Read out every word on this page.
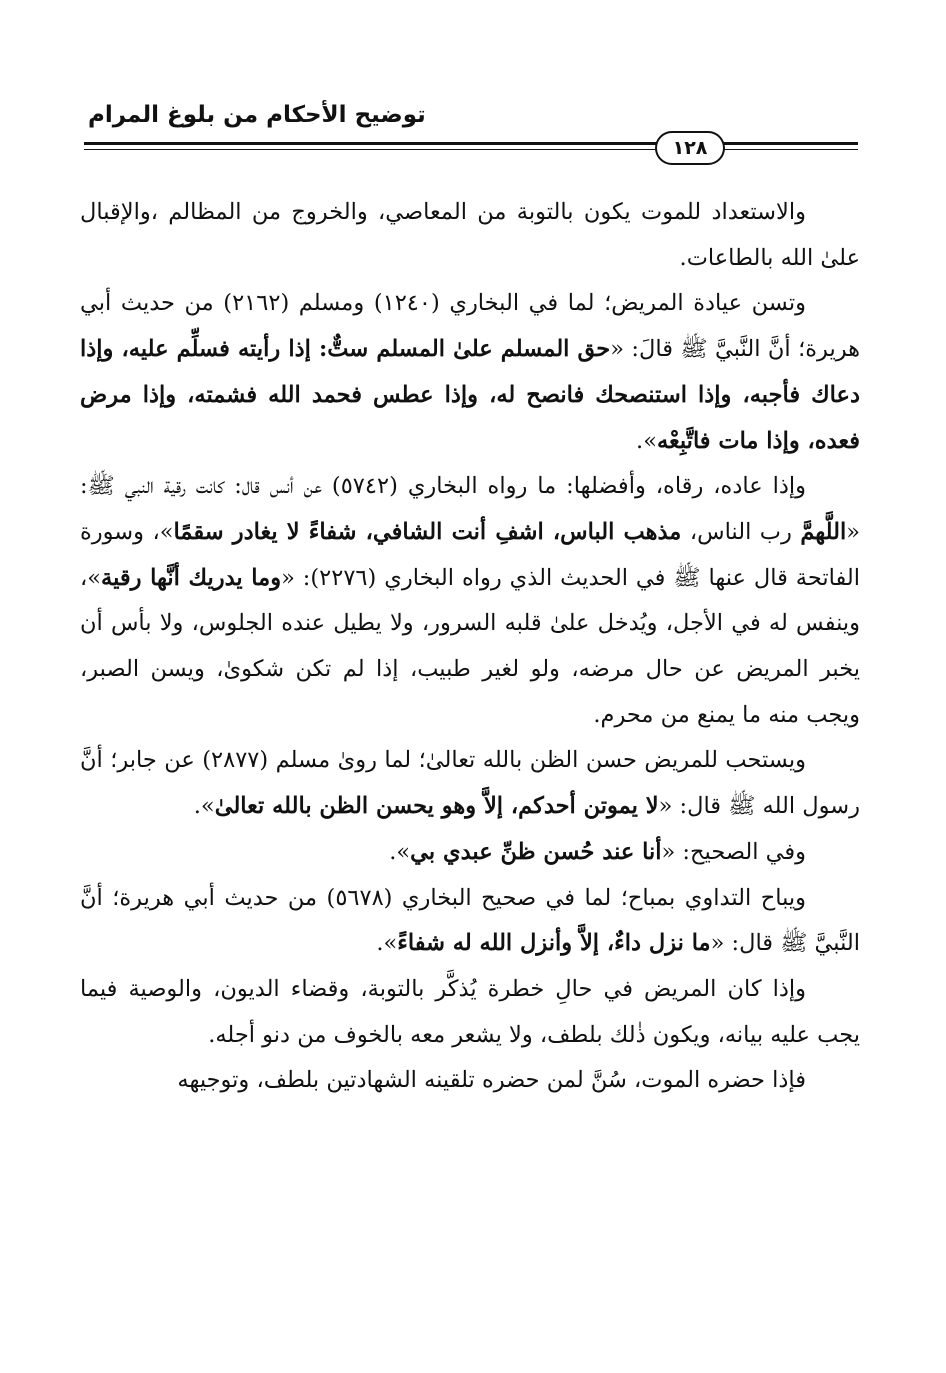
توضيح الأحكام من بلوغ المرام
١٢٨

والاستعداد للموت يكون بالتوبة من المعاصي، والخروج من المظالم ،والإقبال علىٰ الله بالطاعات.

وتسن عيادة المريض؛ لما في البخاري (١٢٤٠) ومسلم (٢١٦٢) من حديث أبي هريرة؛ أنَّ النَّبيَّ ﷺ قالَ: «حق المسلم علىٰ المسلم ستٌّ: إذا رأيته فسلِّم عليه، وإذا دعاك فأجبه، وإذا استنصحك فانصح له، وإذا عطس فحمد الله فشمته، وإذا مرض فعده، وإذا مات فاتَّبِعْه».

وإذا عاده، رقاه، وأفضلها: ما رواه البخاري (٥٧٤٢) عن أنس قال: كانت رقية النبي ﷺ: «اللَّهمَّ رب الناس، مذهب الباس، اشفِ أنت الشافي، شفاءً لا يغادر سقمًا»، وسورة الفاتحة قال عنها ﷺ في الحديث الذي رواه البخاري (٢٢٧٦): «وما يدريك أنَّها رقية»، وينفس له في الأجل، ويُدخل علىٰ قلبه السرور، ولا يطيل عنده الجلوس، ولا بأس أن يخبر المريض عن حال مرضه، ولو لغير طبيب، إذا لم تكن شكوىٰ، ويسن الصبر، ويجب منه ما يمنع من محرم.

ويستحب للمريض حسن الظن بالله تعالىٰ؛ لما روىٰ مسلم (٢٨٧٧) عن جابر؛ أنَّ رسول الله ﷺ قال: «لا يموتن أحدكم، إلاَّ وهو يحسن الظن بالله تعالىٰ».

وفي الصحيح: «أنا عند حُسن ظنِّ عبدي بي».

ويباح التداوي بمباح؛ لما في صحيح البخاري (٥٦٧٨) من حديث أبي هريرة؛ أنَّ النَّبيَّ ﷺ قال: «ما نزل داءٌ، إلاَّ وأنزل الله له شفاءً».

وإذا كان المريض في حالِ خطرة يُذكَّر بالتوبة، وقضاء الديون، والوصية فيما يجب عليه بيانه، ويكون ذٰلك بلطف، ولا يشعر معه بالخوف من دنو أجله.

فإذا حضره الموت، سُنَّ لمن حضره تلقينه الشهادتين بلطف، وتوجيهه
